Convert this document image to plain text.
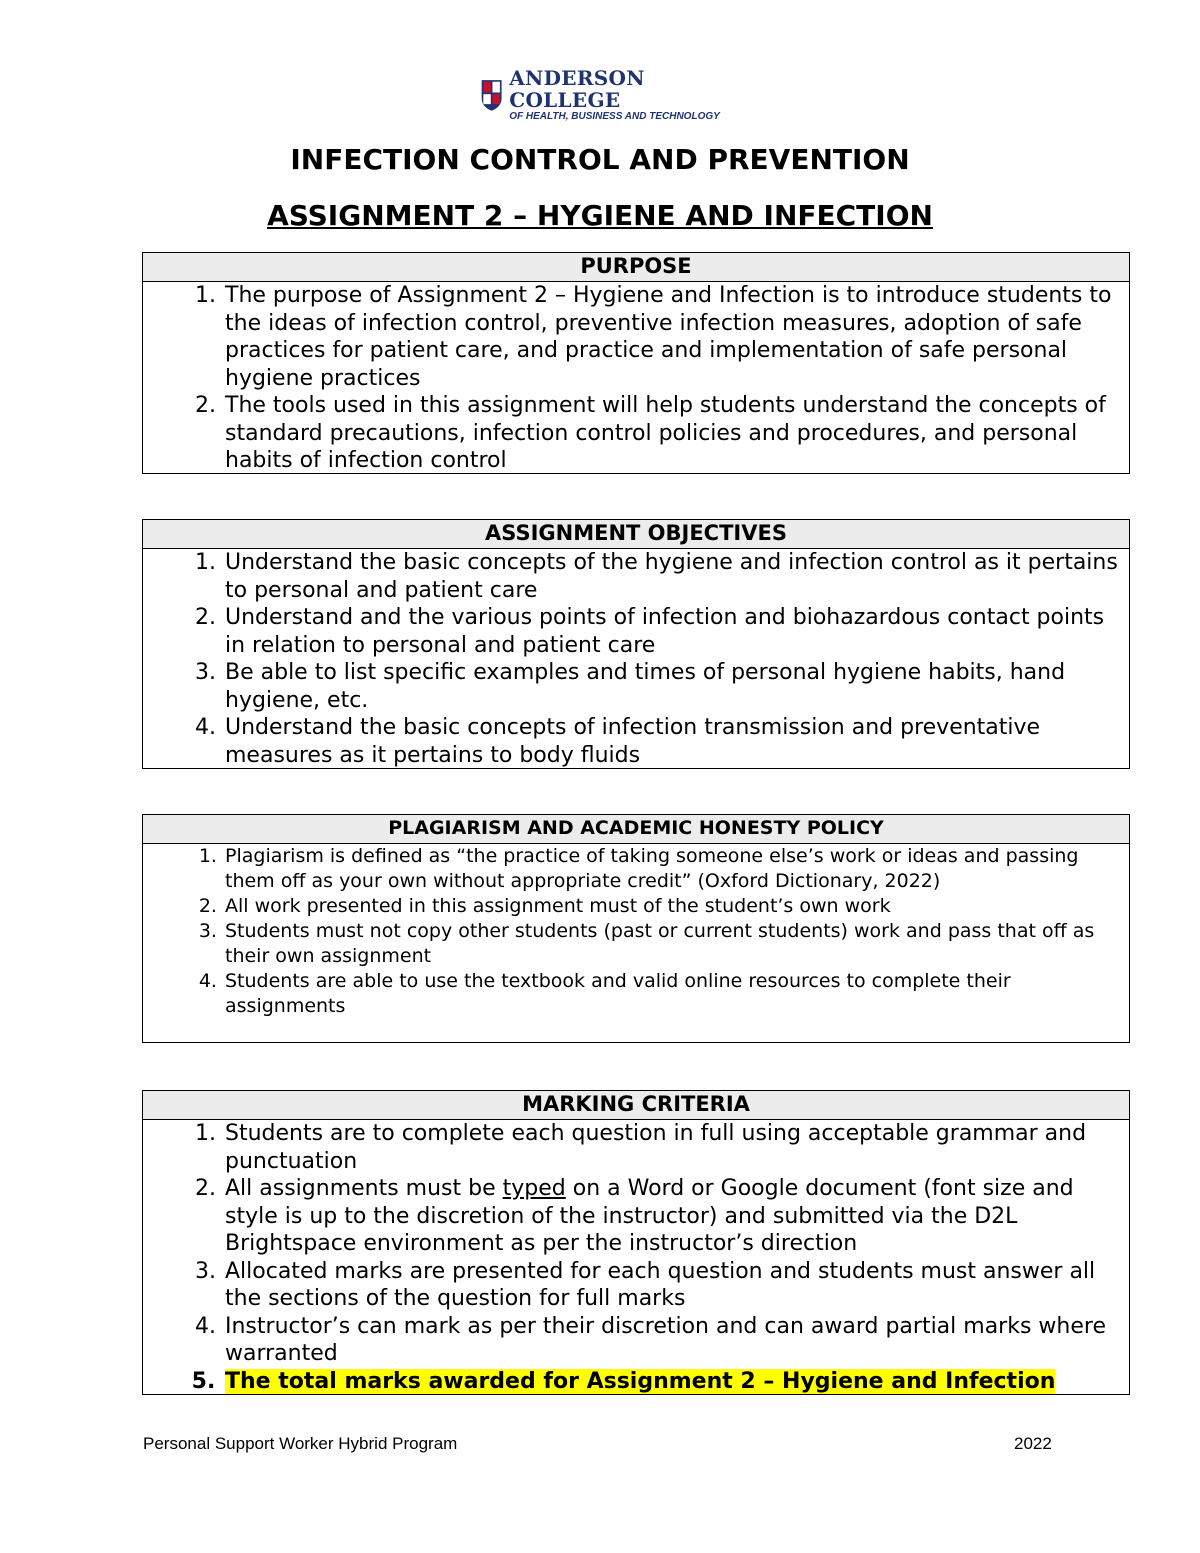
ANDERSON COLLEGE
OF HEALTH, BUSINESS AND TECHNOLOGY
INFECTION CONTROL AND PREVENTION
ASSIGNMENT 2 – HYGIENE AND INFECTION
PURPOSE
1. The purpose of Assignment 2 – Hygiene and Infection is to introduce students to the ideas of infection control, preventive infection measures, adoption of safe practices for patient care, and practice and implementation of safe personal hygiene practices
2. The tools used in this assignment will help students understand the concepts of standard precautions, infection control policies and procedures, and personal habits of infection control
ASSIGNMENT OBJECTIVES
1. Understand the basic concepts of the hygiene and infection control as it pertains to personal and patient care
2. Understand and the various points of infection and biohazardous contact points in relation to personal and patient care
3. Be able to list specific examples and times of personal hygiene habits, hand hygiene, etc.
4. Understand the basic concepts of infection transmission and preventative measures as it pertains to body fluids
PLAGIARISM AND ACADEMIC HONESTY POLICY
1. Plagiarism is defined as “the practice of taking someone else’s work or ideas and passing them off as your own without appropriate credit” (Oxford Dictionary, 2022)
2. All work presented in this assignment must of the student’s own work
3. Students must not copy other students (past or current students) work and pass that off as their own assignment
4. Students are able to use the textbook and valid online resources to complete their assignments
MARKING CRITERIA
1. Students are to complete each question in full using acceptable grammar and punctuation
2. All assignments must be typed on a Word or Google document (font size and style is up to the discretion of the instructor) and submitted via the D2L Brightspace environment as per the instructor’s direction
3. Allocated marks are presented for each question and students must answer all the sections of the question for full marks
4. Instructor’s can mark as per their discretion and can award partial marks where warranted
5. The total marks awarded for Assignment 2 – Hygiene and Infection
Personal Support Worker Hybrid Program	2022
